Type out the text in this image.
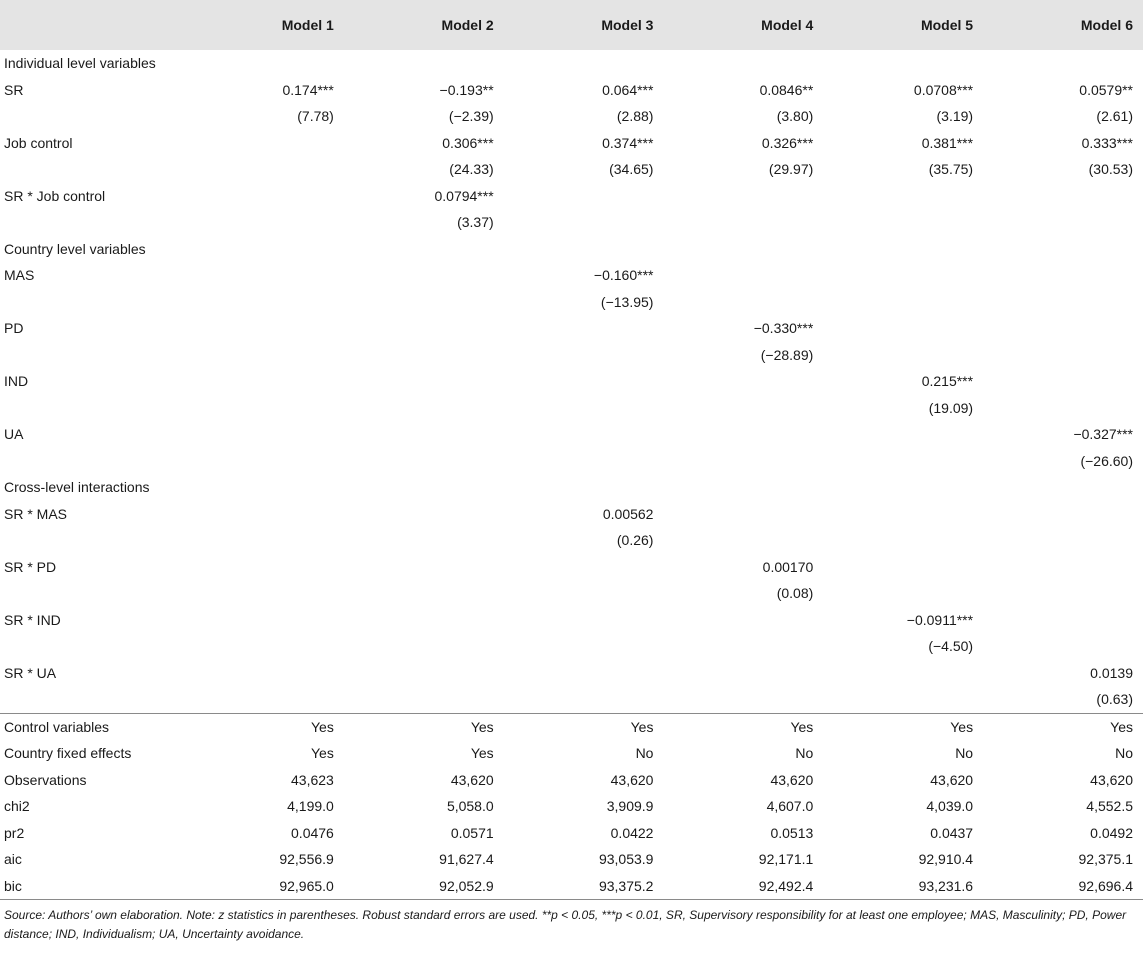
	Model 1	Model 2	Model 3	Model 4	Model 5	Model 6
Individual level variables						
SR	0.174***	−0.193**	0.064***	0.0846**	0.0708***	0.0579**
	(7.78)	(−2.39)	(2.88)	(3.80)	(3.19)	(2.61)
Job control		0.306***	0.374***	0.326***	0.381***	0.333***
		(24.33)	(34.65)	(29.97)	(35.75)	(30.53)
SR * Job control		0.0794***				
		(3.37)				
Country level variables						
MAS			−0.160***			
			(−13.95)			
PD				−0.330***		
				(−28.89)		
IND					0.215***	
					(19.09)	
UA						−0.327***
						(−26.60)
Cross-level interactions						
SR * MAS			0.00562			
			(0.26)			
SR * PD				0.00170		
				(0.08)		
SR * IND					−0.0911***	
					(−4.50)	
SR * UA						0.0139
						(0.63)
Control variables	Yes	Yes	Yes	Yes	Yes	Yes
Country fixed effects	Yes	Yes	No	No	No	No
Observations	43,623	43,620	43,620	43,620	43,620	43,620
chi2	4,199.0	5,058.0	3,909.9	4,607.0	4,039.0	4,552.5
pr2	0.0476	0.0571	0.0422	0.0513	0.0437	0.0492
aic	92,556.9	91,627.4	93,053.9	92,171.1	92,910.4	92,375.1
bic	92,965.0	92,052.9	93,375.2	92,492.4	93,231.6	92,696.4
Source: Authors’ own elaboration. Note: z statistics in parentheses. Robust standard errors are used. **p < 0.05, ***p < 0.01, SR, Supervisory responsibility for at least one employee; MAS, Masculinity; PD, Power distance; IND, Individualism; UA, Uncertainty avoidance.
